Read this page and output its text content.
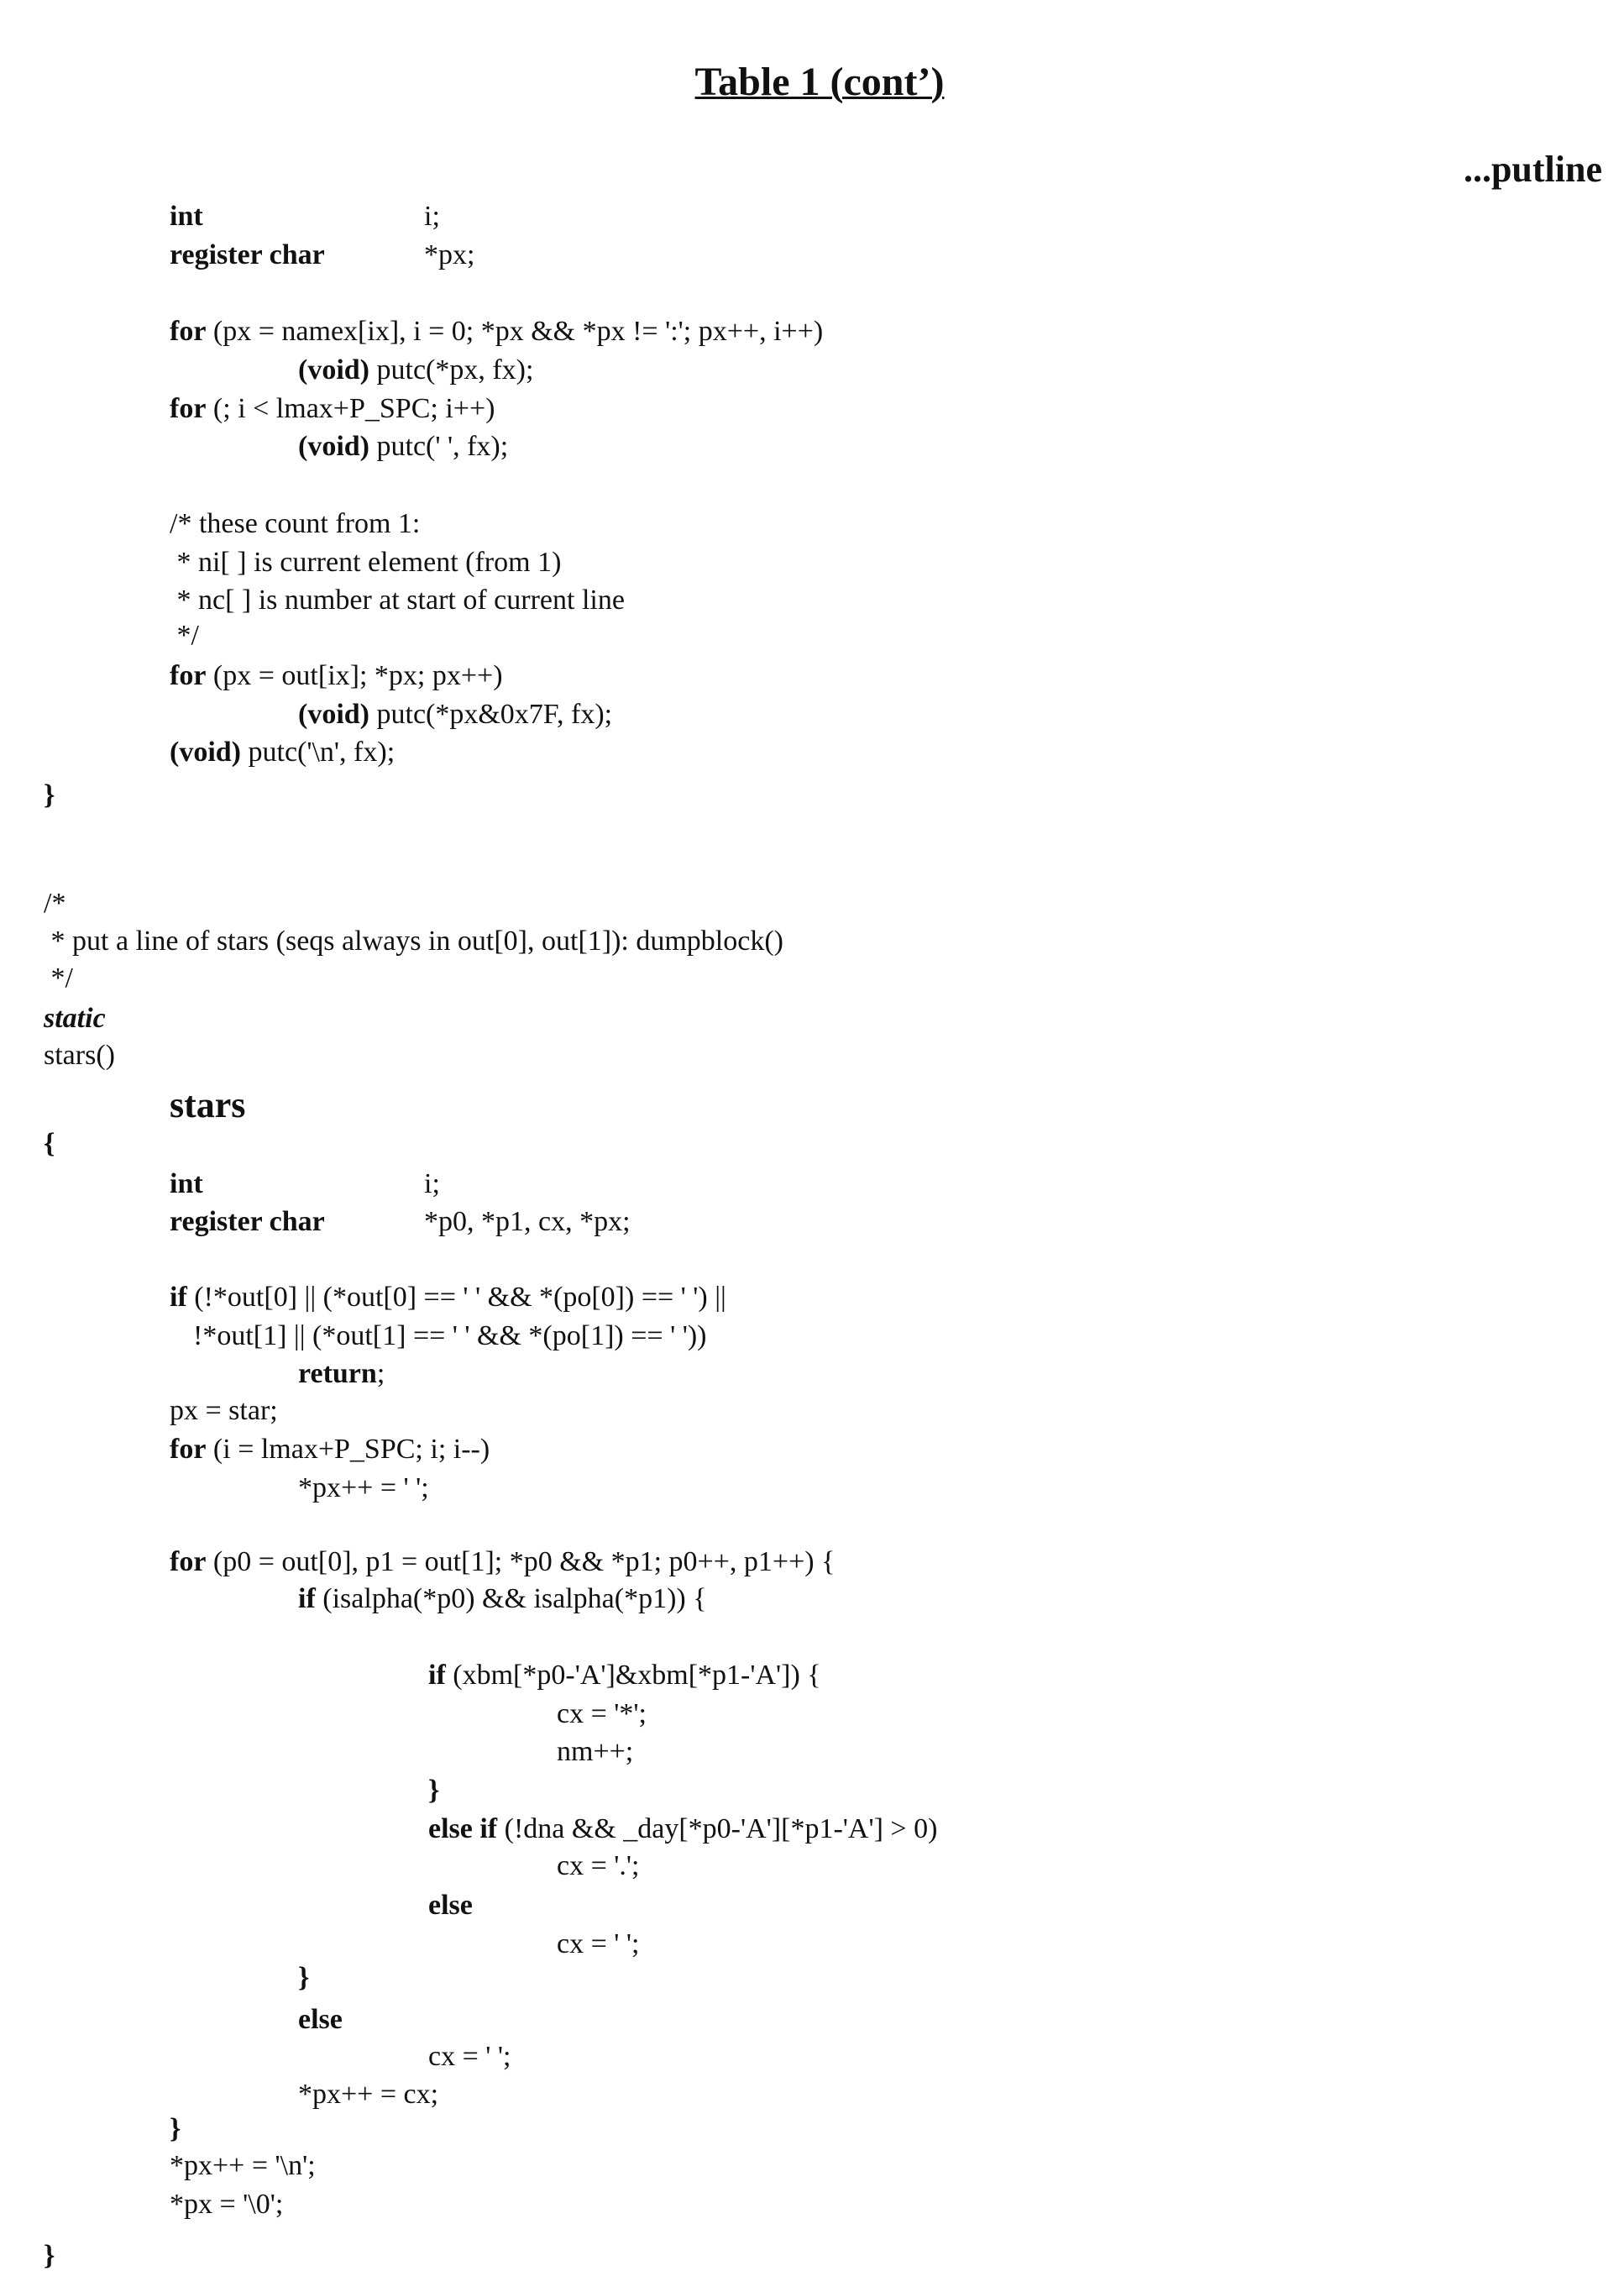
Table 1 (cont’)
...putline
stars
int	i;
register char	*px;
for (px = namex[ix], i = 0; *px && *px != ':'; px++, i++)
(void) putc(*px, fx);
for (; i < lmax+P_SPC; i++)
(void) putc(' ', fx);
/* these count from 1:
* ni[ ] is current element (from 1)
* nc[ ] is number at start of current line
*/
for (px = out[ix]; *px; px++)
(void) putc(*px&0x7F, fx);
(void) putc('\n', fx);
}
/*
* put a line of stars (seqs always in out[0], out[1]): dumpblock()
*/
static
stars()
{
int	i;
register char	*p0, *p1, cx, *px;
if (!*out[0] || (*out[0] == ' ' && *(po[0]) == ' ') ||
!*out[1] || (*out[1] == ' ' && *(po[1]) == ' '))
return;
px = star;
for (i = lmax+P_SPC; i; i--)
*px++ = ' ';
for (p0 = out[0], p1 = out[1]; *p0 && *p1; p0++, p1++) {
if (isalpha(*p0) && isalpha(*p1)) {
if (xbm[*p0-'A']&xbm[*p1-'A']) {
cx = '*';
nm++;
}
else if (!dna && _day[*p0-'A'][*p1-'A'] > 0)
cx = '.';
else
cx = ' ';
}
else
cx = ' ';
*px++ = cx;
}
*px++ = '\n';
*px = '\0';
}
